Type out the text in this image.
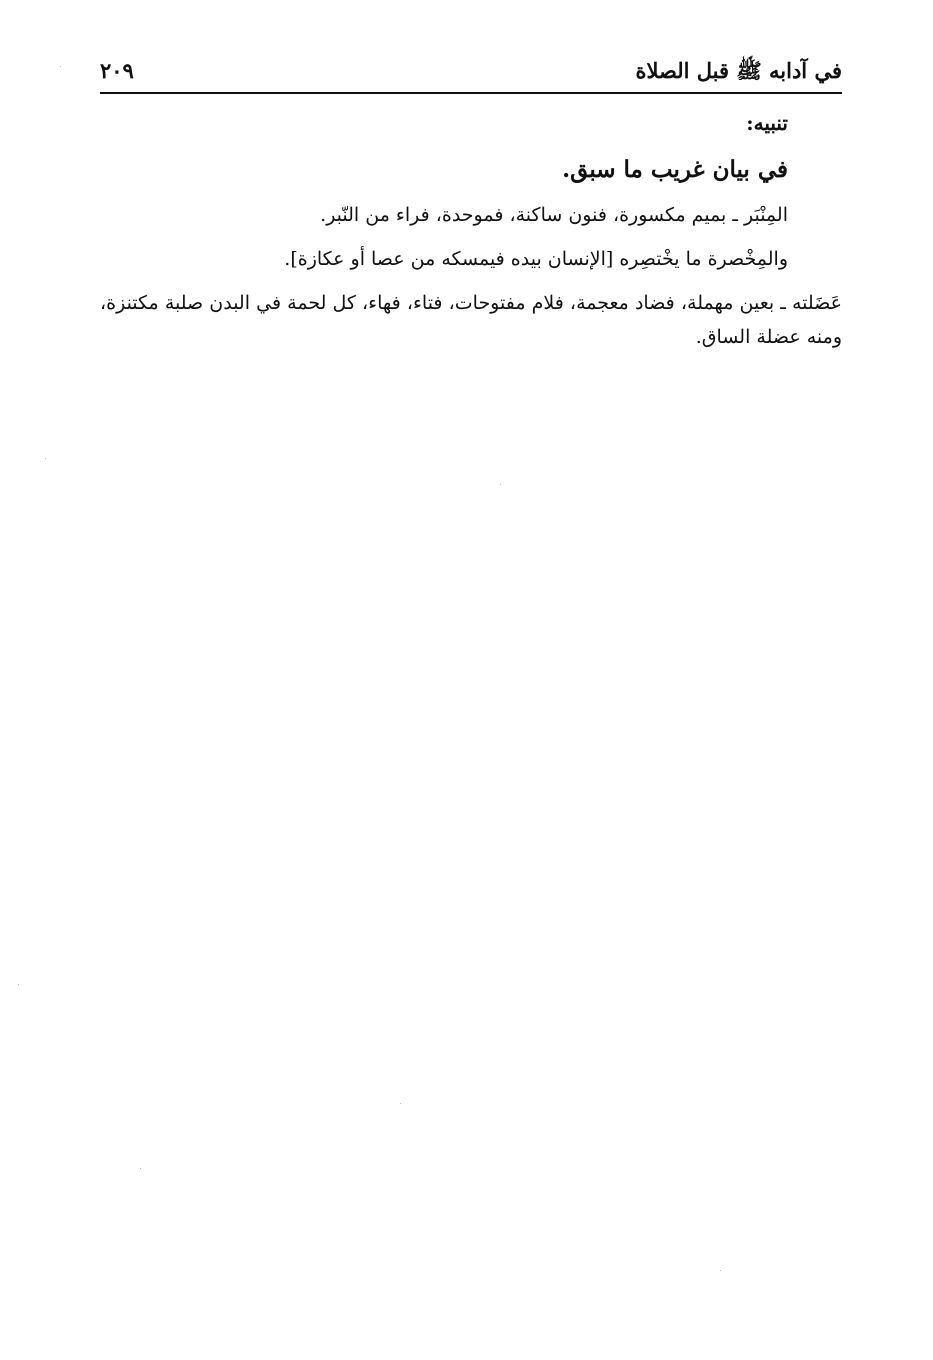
في آدابه ﷺ قبل الصلاة
٢٠٩
تنبيه:
في بيان غريب ما سبق.

المِنْبَر ـ بميم مكسورة، فنون ساكنة، فموحدة، فراء من النّبر.

والمِخْصرة ما يخْتصِره [الإنسان بيده فيمسكه من عصا أو عكازة].

عَضَلته ـ بعين مهملة، فضاد معجمة، فلام مفتوحات، فتاء، فهاء، كل لحمة في البدن صلبة مكتنزة، ومنه عضلة الساق.
